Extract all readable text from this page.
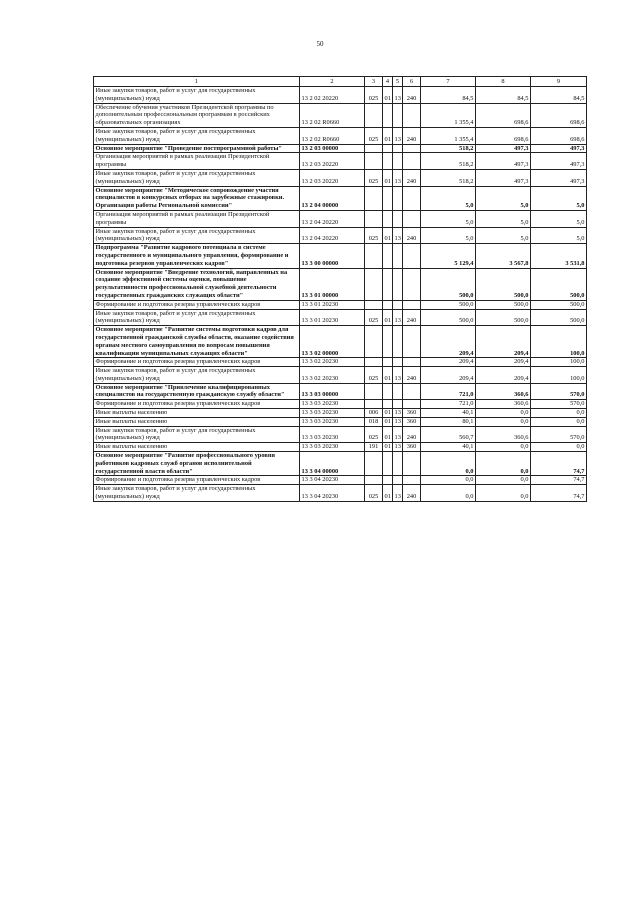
50
1	2	3	4	5	6	7	8	9
Иные закупки товаров, работ и услуг для государственных (муниципальных) нужд	13 2 02 20220	025	01	13	240	84,5	84,5	84,5
Обеспечение обучения участников Президентской программы по дополнительным профессиональным программам в российских образовательных организациях	13 2 02 R0660					1 355,4	698,6	698,6
Иные закупки товаров, работ и услуг для государственных (муниципальных) нужд	13 2 02 R0660	025	01	13	240	1 355,4	698,6	698,6
Основное мероприятие "Проведение постпрограммной работы"	13 2 03 00000					518,2	497,3	497,3
Организация мероприятий в рамках реализации Президентской программы	13 2 03 20220					518,2	497,3	497,3
Иные закупки товаров, работ и услуг для государственных (муниципальных) нужд	13 2 03 20220	025	01	13	240	518,2	497,3	497,3
Основное мероприятие "Методическое сопровождение участия специалистов в конкурсных отборах на зарубежные стажировки. Организация работы Региональной комиссии"	13 2 04 00000					5,0	5,0	5,0
Организация мероприятий в рамках реализации Президентской программы	13 2 04 20220					5,0	5,0	5,0
Иные закупки товаров, работ и услуг для государственных (муниципальных) нужд	13 2 04 20220	025	01	13	240	5,0	5,0	5,0
Подпрограмма "Развитие кадрового потенциала в системе государственного и муниципального управления, формирование и подготовка резервов управленческих кадров"	13 3 00 00000					5 129,4	3 567,8	3 531,8
Основное мероприятие "Внедрение технологий, направленных на создание эффективной системы оценки, повышение результативности профессиональной служебной деятельности государственных гражданских служащих области"	13 3 01 00000					500,0	500,0	500,0
Формирование и подготовка резерва управленческих кадров	13 3 01 20230					500,0	500,0	500,0
Иные закупки товаров, работ и услуг для государственных (муниципальных) нужд	13 3 01 20230	025	01	13	240	500,0	500,0	500,0
Основное мероприятие "Развитие системы подготовки кадров для государственной гражданской службы области, оказание содействия органам местного самоуправления по вопросам повышения квалификации муниципальных служащих области"	13 3 02 00000					209,4	209,4	100,0
Формирование и подготовка резерва управленческих кадров	13 3 02 20230					209,4	209,4	100,0
Иные закупки товаров, работ и услуг для государственных (муниципальных) нужд	13 3 02 20230	025	01	13	240	209,4	209,4	100,0
Основное мероприятие "Привлечение квалифицированных специалистов на государственную гражданскую службу области"	13 3 03 00000					721,0	360,6	570,0
Формирование и подготовка резерва управленческих кадров	13 3 03 20230					721,0	360,6	570,0
Иные выплаты населению	13 3 03 20230	006	01	13	360	40,1	0,0	0,0
Иные выплаты населению	13 3 03 20230	018	01	13	360	80,1	0,0	0,0
Иные закупки товаров, работ и услуг для государственных (муниципальных) нужд	13 3 03 20230	025	01	13	240	560,7	360,6	570,0
Иные выплаты населению	13 3 03 20230	191	01	13	360	40,1	0,0	0,0
Основное мероприятие "Развитие профессионального уровня работников кадровых служб органов исполнительной государственной власти области"	13 3 04 00000					0,0	0,0	74,7
Формирование и подготовка резерва управленческих кадров	13 3 04 20230					0,0	0,0	74,7
Иные закупки товаров, работ и услуг для государственных (муниципальных) нужд	13 3 04 20230	025	01	13	240	0,0	0,0	74,7
